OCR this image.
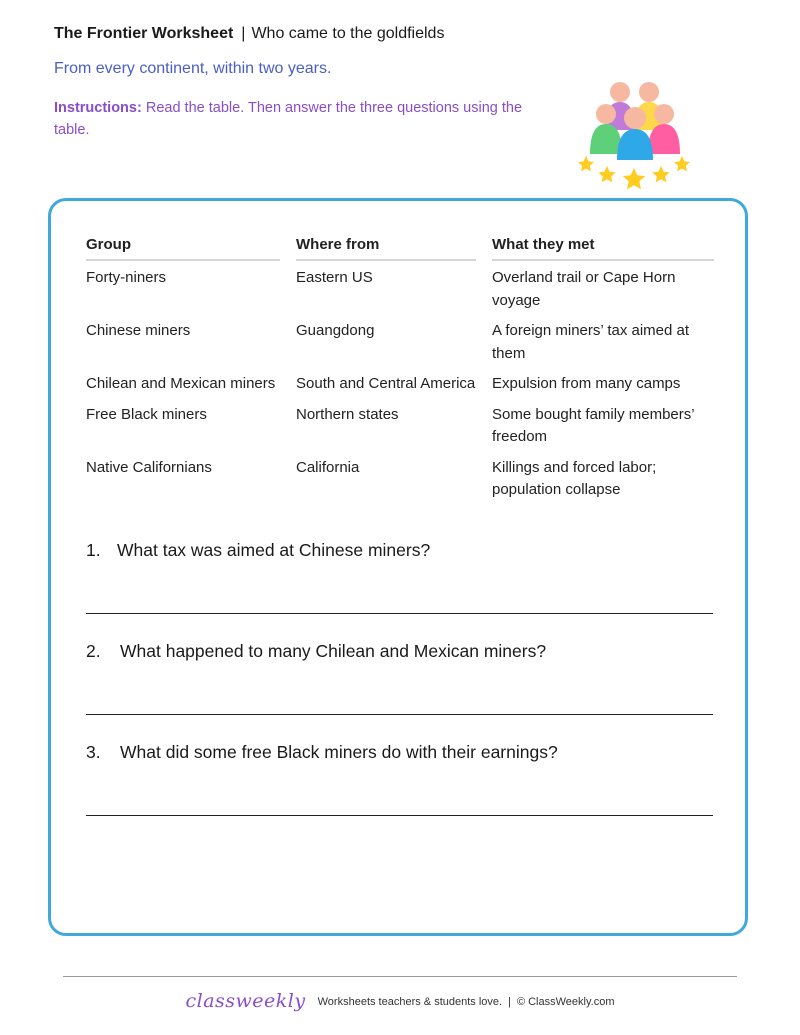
The Frontier Worksheet | Who came to the goldfields
From every continent, within two years.
Instructions: Read the table. Then answer the three questions using the table.
Group		Where from		What they met
Forty-niners		Eastern US		Overland trail or Cape Horn voyage
Chinese miners		Guangdong		A foreign miners’ tax aimed at them
Chilean and Mexican miners		South and Central America		Expulsion from many camps
Free Black miners		Northern states		Some bought family members’ freedom
Native Californians		California		Killings and forced labor; population collapse
1. What tax was aimed at Chinese miners?
2. What happened to many Chilean and Mexican miners?
3. What did some free Black miners do with their earnings?
classweekly Worksheets teachers & students love. | © ClassWeekly.com
